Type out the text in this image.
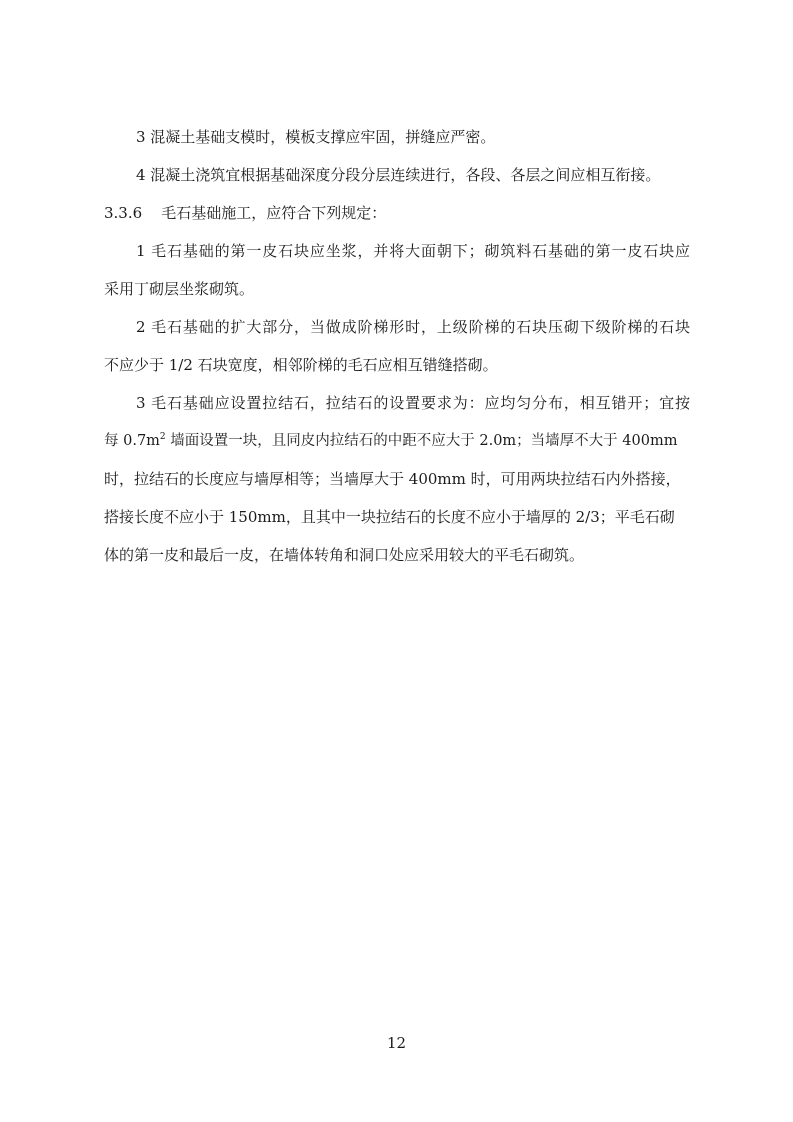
3 混凝土基础支模时，模板支撑应牢固，拼缝应严密。

4 混凝土浇筑宜根据基础深度分段分层连续进行，各段、各层之间应相互衔接。

3.3.6 毛石基础施工，应符合下列规定：

1 毛石基础的第一皮石块应坐浆，并将大面朝下；砌筑料石基础的第一皮石块应
采用丁砌层坐浆砌筑。

2 毛石基础的扩大部分，当做成阶梯形时，上级阶梯的石块压砌下级阶梯的石块
不应少于 1/2 石块宽度，相邻阶梯的毛石应相互错缝搭砌。

3 毛石基础应设置拉结石，拉结石的设置要求为：应均匀分布，相互错开；宜按
每 $0.7m^2$ 墙面设置一块，且同皮内拉结石的中距不应大于 2.0m；当墙厚不大于 400mm
时，拉结石的长度应与墙厚相等；当墙厚大于 400mm 时，可用两块拉结石内外搭接，
搭接长度不应小于 150mm，且其中一块拉结石的长度不应小于墙厚的 2/3；平毛石砌
体的第一皮和最后一皮，在墙体转角和洞口处应采用较大的平毛石砌筑。

12
